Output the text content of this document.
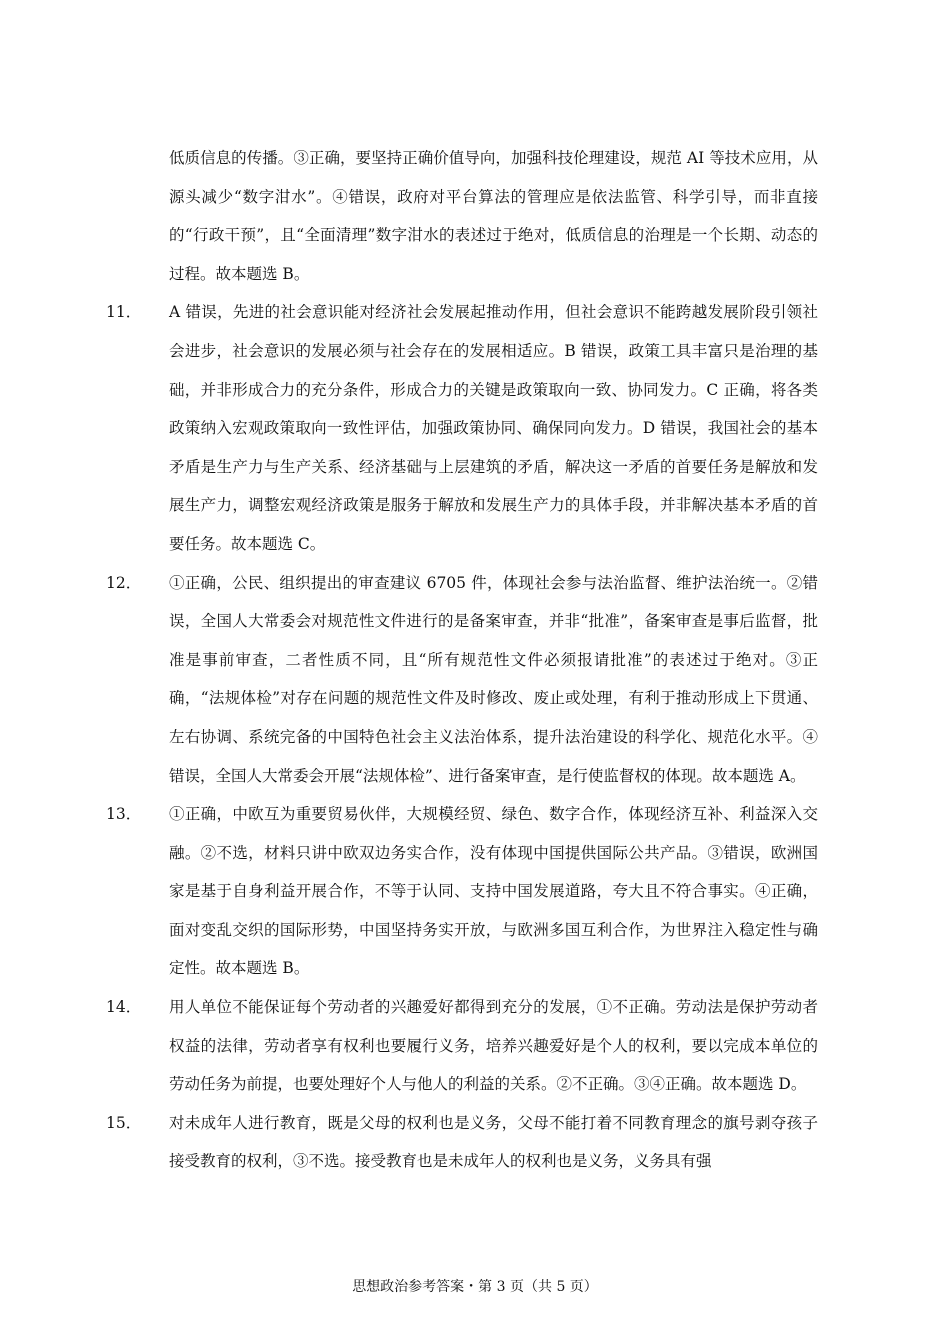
低质信息的传播。③正确，要坚持正确价值导向，加强科技伦理建设，规范 AI 等技术应用，从源头减少“数字泔水”。④错误，政府对平台算法的管理应是依法监管、科学引导，而非直接的“行政干预”，且“全面清理”数字泔水的表述过于绝对，低质信息的治理是一个长期、动态的过程。故本题选 B。
11．	A 错误，先进的社会意识能对经济社会发展起推动作用，但社会意识不能跨越发展阶段引领社会进步，社会意识的发展必须与社会存在的发展相适应。B 错误，政策工具丰富只是治理的基础，并非形成合力的充分条件，形成合力的关键是政策取向一致、协同发力。C 正确，将各类政策纳入宏观政策取向一致性评估，加强政策协同、确保同向发力。D 错误，我国社会的基本矛盾是生产力与生产关系、经济基础与上层建筑的矛盾，解决这一矛盾的首要任务是解放和发展生产力，调整宏观经济政策是服务于解放和发展生产力的具体手段，并非解决基本矛盾的首要任务。故本题选 C。
12．	①正确，公民、组织提出的审查建议 6705 件，体现社会参与法治监督、维护法治统一。②错误，全国人大常委会对规范性文件进行的是备案审查，并非“批准”，备案审查是事后监督，批准是事前审查，二者性质不同，且“所有规范性文件必须报请批准”的表述过于绝对。③正确，“法规体检”对存在问题的规范性文件及时修改、废止或处理，有利于推动形成上下贯通、左右协调、系统完备的中国特色社会主义法治体系，提升法治建设的科学化、规范化水平。④错误，全国人大常委会开展“法规体检”、进行备案审查，是行使监督权的体现。故本题选 A。
13．	①正确，中欧互为重要贸易伙伴，大规模经贸、绿色、数字合作，体现经济互补、利益深入交融。②不选，材料只讲中欧双边务实合作，没有体现中国提供国际公共产品。③错误，欧洲国家是基于自身利益开展合作，不等于认同、支持中国发展道路，夸大且不符合事实。④正确，面对变乱交织的国际形势，中国坚持务实开放，与欧洲多国互利合作，为世界注入稳定性与确定性。故本题选 B。
14．	用人单位不能保证每个劳动者的兴趣爱好都得到充分的发展，①不正确。劳动法是保护劳动者权益的法律，劳动者享有权利也要履行义务，培养兴趣爱好是个人的权利，要以完成本单位的劳动任务为前提，也要处理好个人与他人的利益的关系。②不正确。③④正确。故本题选 D。
15．	对未成年人进行教育，既是父母的权利也是义务，父母不能打着不同教育理念的旗号剥夺孩子接受教育的权利，③不选。接受教育也是未成年人的权利也是义务，义务具有强
思想政治参考答案・第 3 页（共 5 页）
